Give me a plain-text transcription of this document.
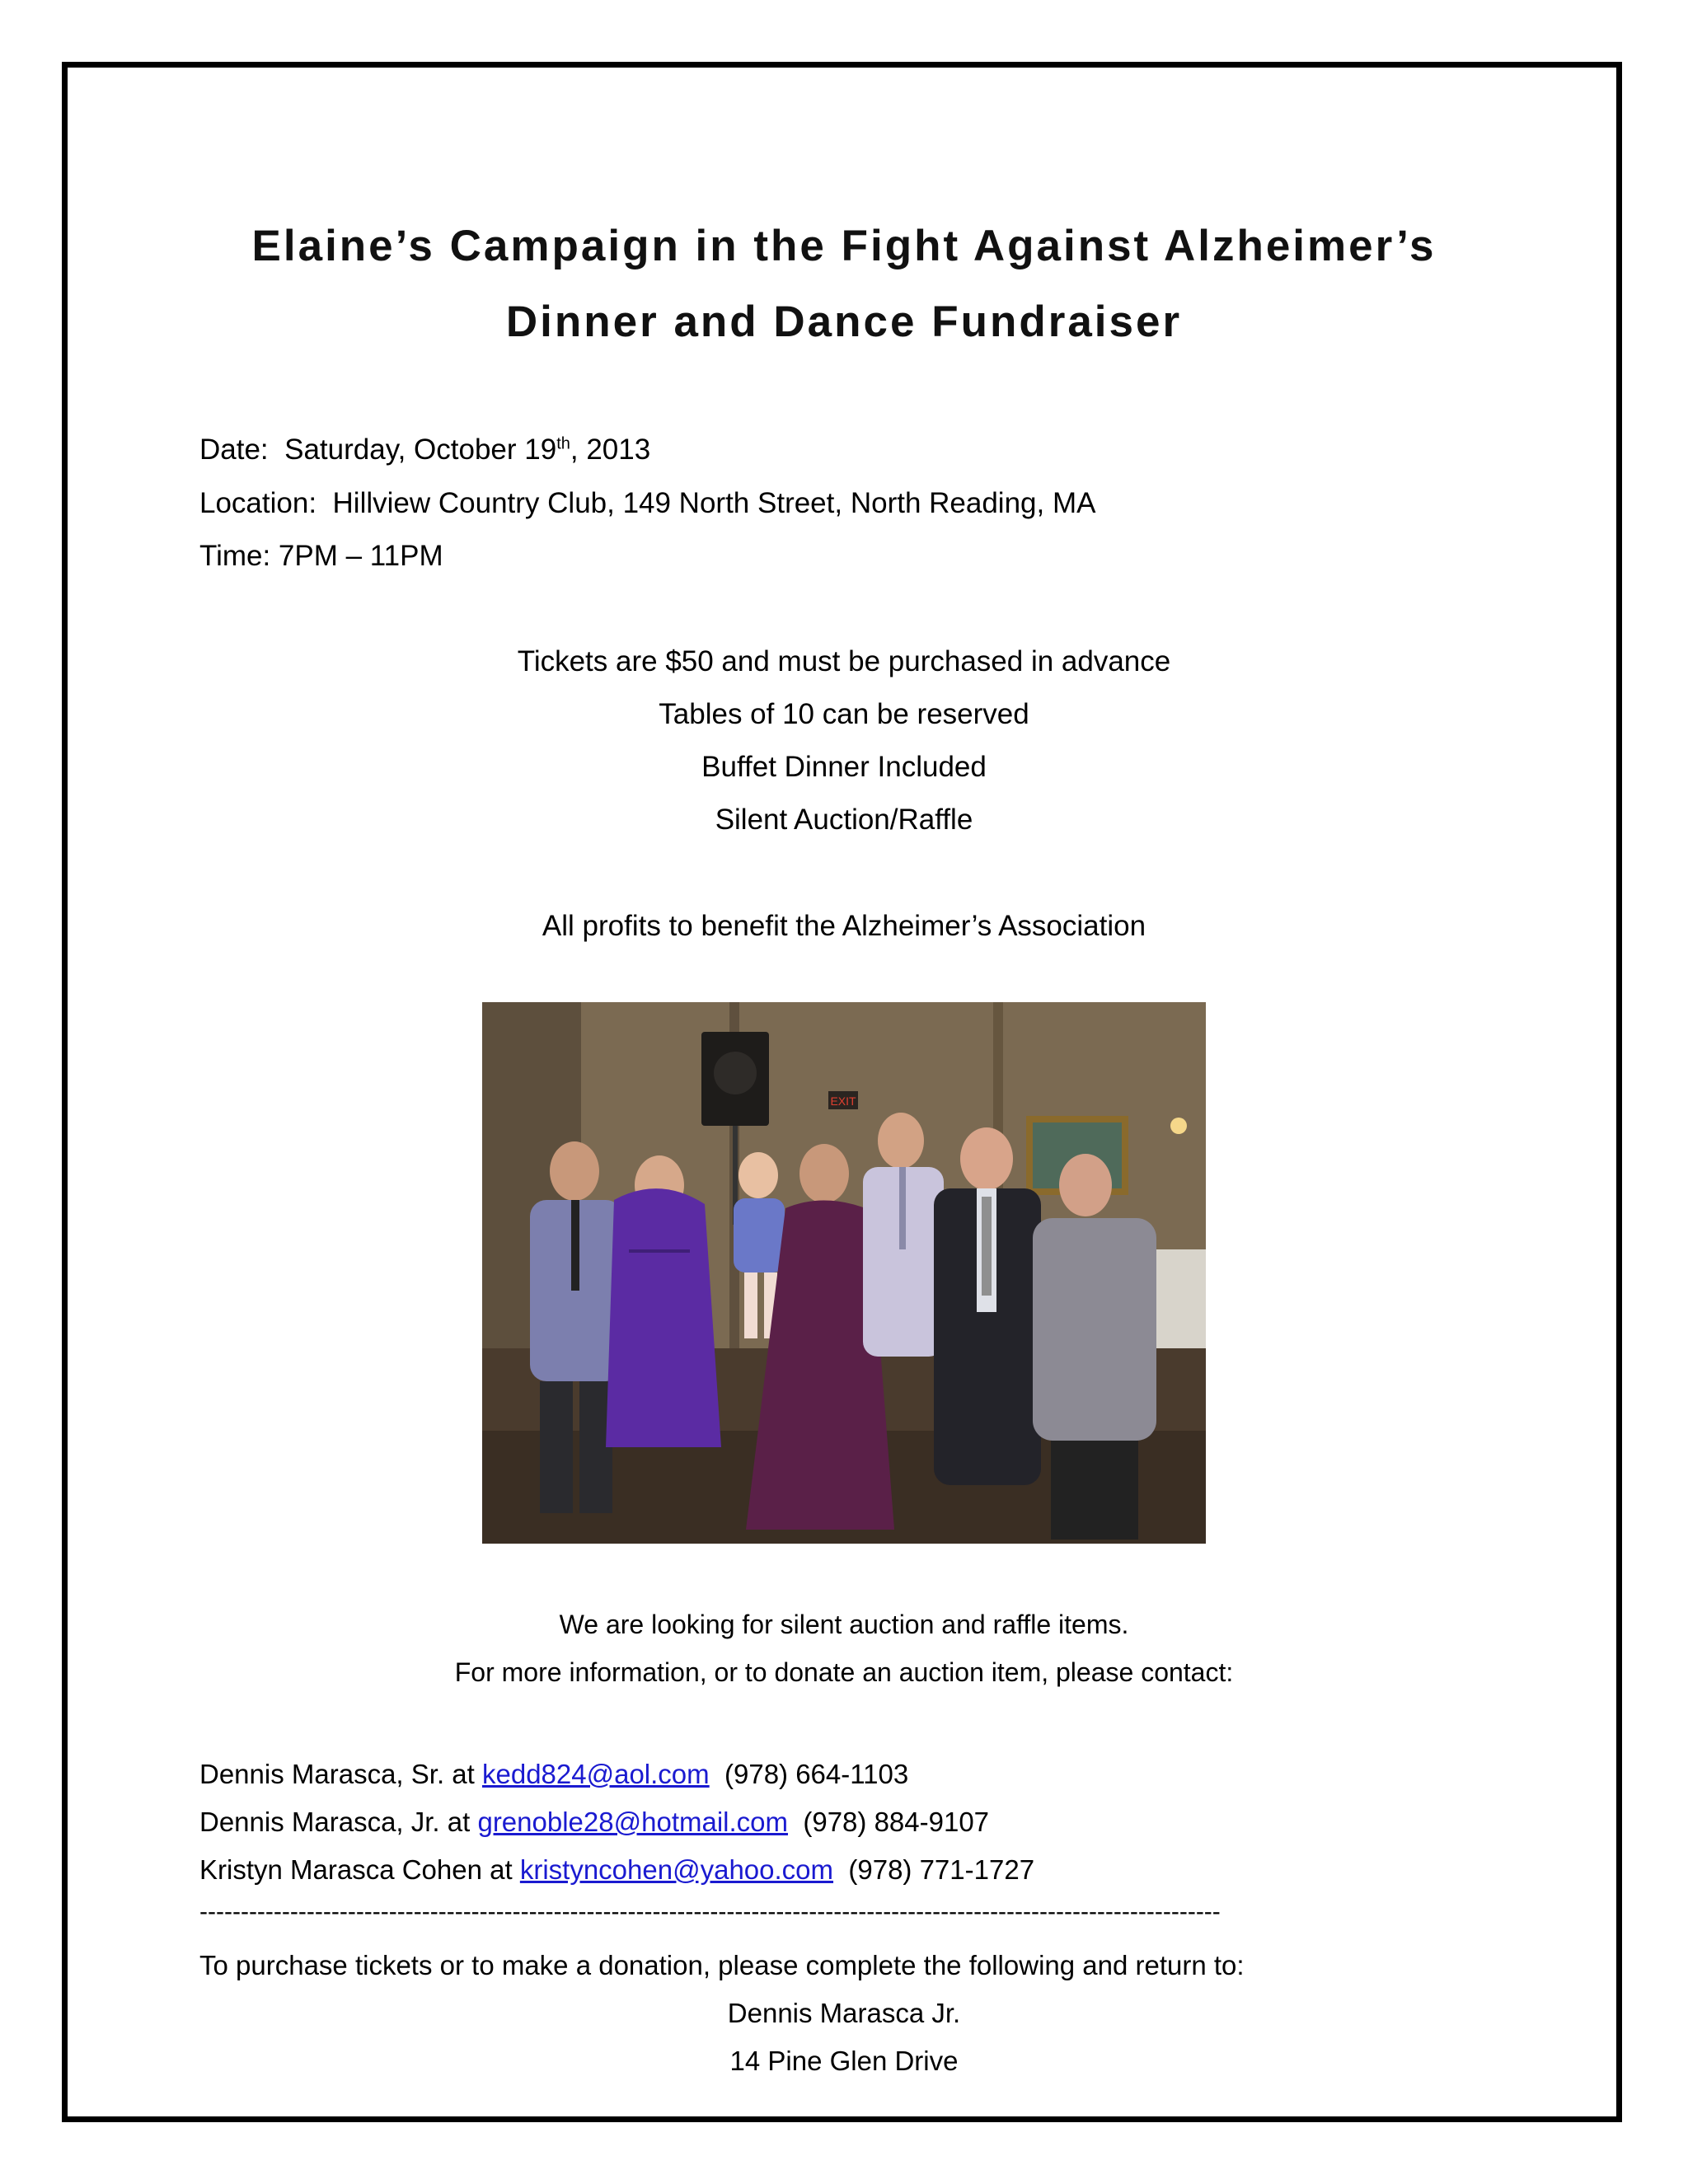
Elaine’s Campaign in the Fight Against Alzheimer’s
Dinner and Dance Fundraiser
Date: Saturday, October 19th, 2013
Location: Hillview Country Club, 149 North Street, North Reading, MA
Time: 7PM – 11PM
Tickets are $50 and must be purchased in advance
Tables of 10 can be reserved
Buffet Dinner Included
Silent Auction/Raffle
All profits to benefit the Alzheimer’s Association
EXIT
We are looking for silent auction and raffle items.
For more information, or to donate an auction item, please contact:
Dennis Marasca, Sr. at kedd824@aol.com (978) 664-1103
Dennis Marasca, Jr. at grenoble28@hotmail.com (978) 884-9107
Kristyn Marasca Cohen at kristyncohen@yahoo.com (978) 771-1727
----------------------------------------------------------------------------------------------------------------------------
To purchase tickets or to make a donation, please complete the following and return to:
Dennis Marasca Jr.
14 Pine Glen Drive
